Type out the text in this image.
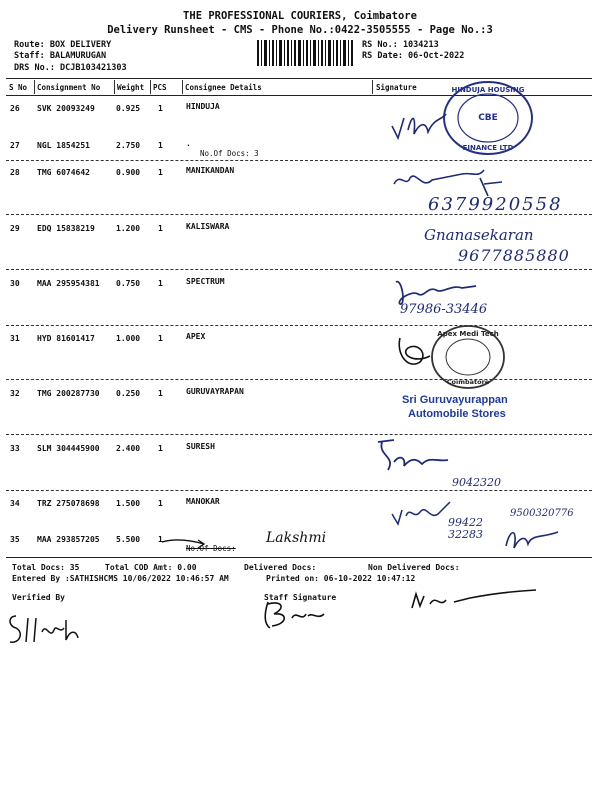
THE PROFESSIONAL COURIERS, Coimbatore
Delivery Runsheet - CMS - Phone No.:0422-3505555 - Page No.:3
Route: BOX DELIVERY
Staff: BALAMURUGAN
DRS No.: DCJB103421303
RS No.: 1034213
RS Date: 06-Oct-2022
S No Consignment No Weight PCS Consignee Details	Signature
26 SVK 20093249	0.925 1	HINDUJA
27 NGL 1854251	2.750 1	.
No.Of Docs: 3
28 TMG 6074642	0.900 1	MANIKANDAN
29 EDQ 15838219	1.200 1	KALISWARA
30 MAA 295954381 0.750 1	SPECTRUM
31 HYD 81601417	1.000 1	APEX
32 TMG 200287730 0.250 1	GURUVAYRAPAN
33 SLM 304445900 2.400 1	SURESH
34 TRZ 275078698 1.500 1	MANOKAR
35 MAA 293857205 5.500 1
No.Of Docs:
HINDUJA HOUSING
CBE
FINANCE LTD
Apex Medi Tech
Coimbatore
Sri Guruvayurappan
Automobile Stores
6379920558
Gnanasekaran
9677885880
97986-33446
9042320
9500320776
99422
32283
Lakshmi
Total Docs: 35	Total COD Amt: 0.00	Delivered Docs:	Non Delivered Docs:
Entered By :SATHISHCMS 10/06/2022 10:46:57 AM	Printed on: 06-10-2022 10:47:12
Verified By	Staff Signature
